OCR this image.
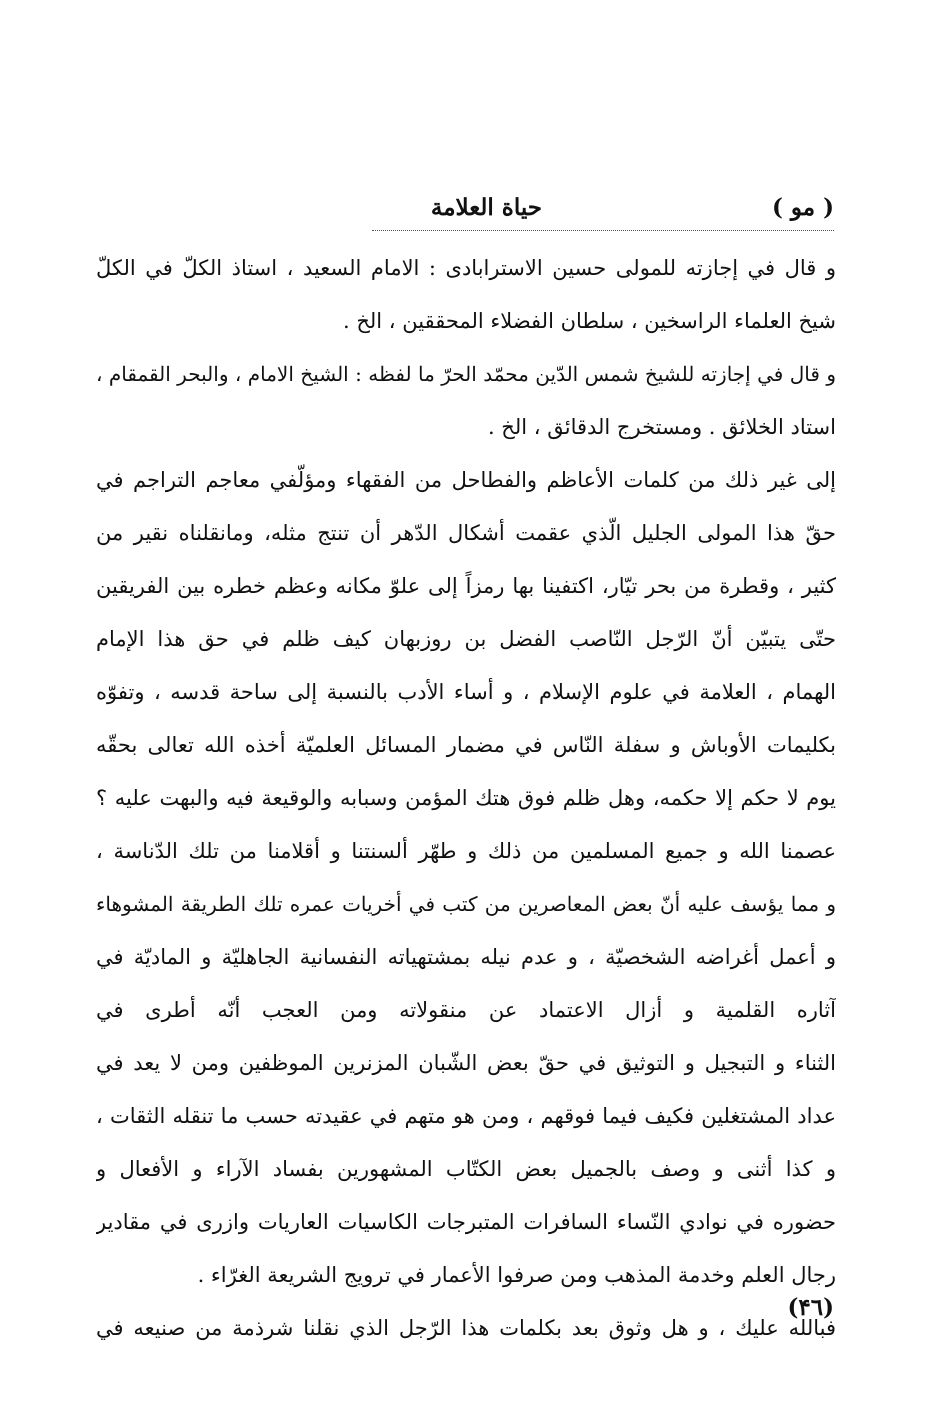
( مو )
حياة العلامة
و قال في إجازته للمولى حسين الاسترابادى : الامام السعيد ، استاذ الكلّ في الكلّ
شيخ العلماء الراسخين ، سلطان الفضلاء المحققين ، الخ .
و قال في إجازته للشيخ شمس الدّين محمّد الحرّ ما لفظه : الشيخ الامام ، والبحر القمقام ،
استاد الخلائق . ومستخرج الدقائق ، الخ .
إلى غير ذلك من كلمات الأعاظم والفطاحل من الفقهاء ومؤلّفي معاجم التراجم في
حقّ هذا المولى الجليل الّذي عقمت أشكال الدّهر أن تنتج مثله، ومانقلناه نقير من
كثير ، وقطرة من بحر تيّار، اكتفينا بها رمزاً إلى علوّ مكانه وعظم خطره بين الفريقين
حتّى يتبيّن أنّ الرّجل النّاصب الفضل بن روزبهان كيف ظلم في حق هذا الإمام
الهمام ، العلامة في علوم الإسلام ، و أساء الأدب بالنسبة إلى ساحة قدسه ، وتفوّه
بكليمات الأوباش و سفلة النّاس في مضمار المسائل العلميّة أخذه الله تعالى بحقّه
يوم لا حكم إلا حكمه، وهل ظلم فوق هتك المؤمن وسبابه والوقيعة فيه والبهت عليه ؟
عصمنا الله و جميع المسلمين من ذلك و طهّر ألسنتنا و أقلامنا من تلك الدّناسة ،
و مما يؤسف عليه أنّ بعض المعاصرين من كتب في أخريات عمره تلك الطريقة المشوهاء
و أعمل أغراضه الشخصيّة ، و عدم نيله بمشتهياته النفسانية الجاهليّة و الماديّة في
آثاره القلمية و أزال الاعتماد عن منقولاته ومن العجب أنّه أطرى في
الثناء و التبجيل و التوثيق في حقّ بعض الشّبان المزنرين الموظفين ومن لا يعد في
عداد المشتغلين فكيف فيما فوقهم ، ومن هو متهم في عقيدته حسب ما تنقله الثقات ،
و كذا أثنى و وصف بالجميل بعض الكتّاب المشهورين بفساد الآراء و الأفعال و
حضوره في نوادي النّساء السافرات المتبرجات الكاسيات العاريات وازرى في مقادير
رجال العلم وخدمة المذهب ومن صرفوا الأعمار في ترويج الشريعة الغرّاء .
فبالله عليك ، و هل وثوق بعد بكلمات هذا الرّجل الذي نقلنا شرذمة من صنيعه في
(۴٦)
